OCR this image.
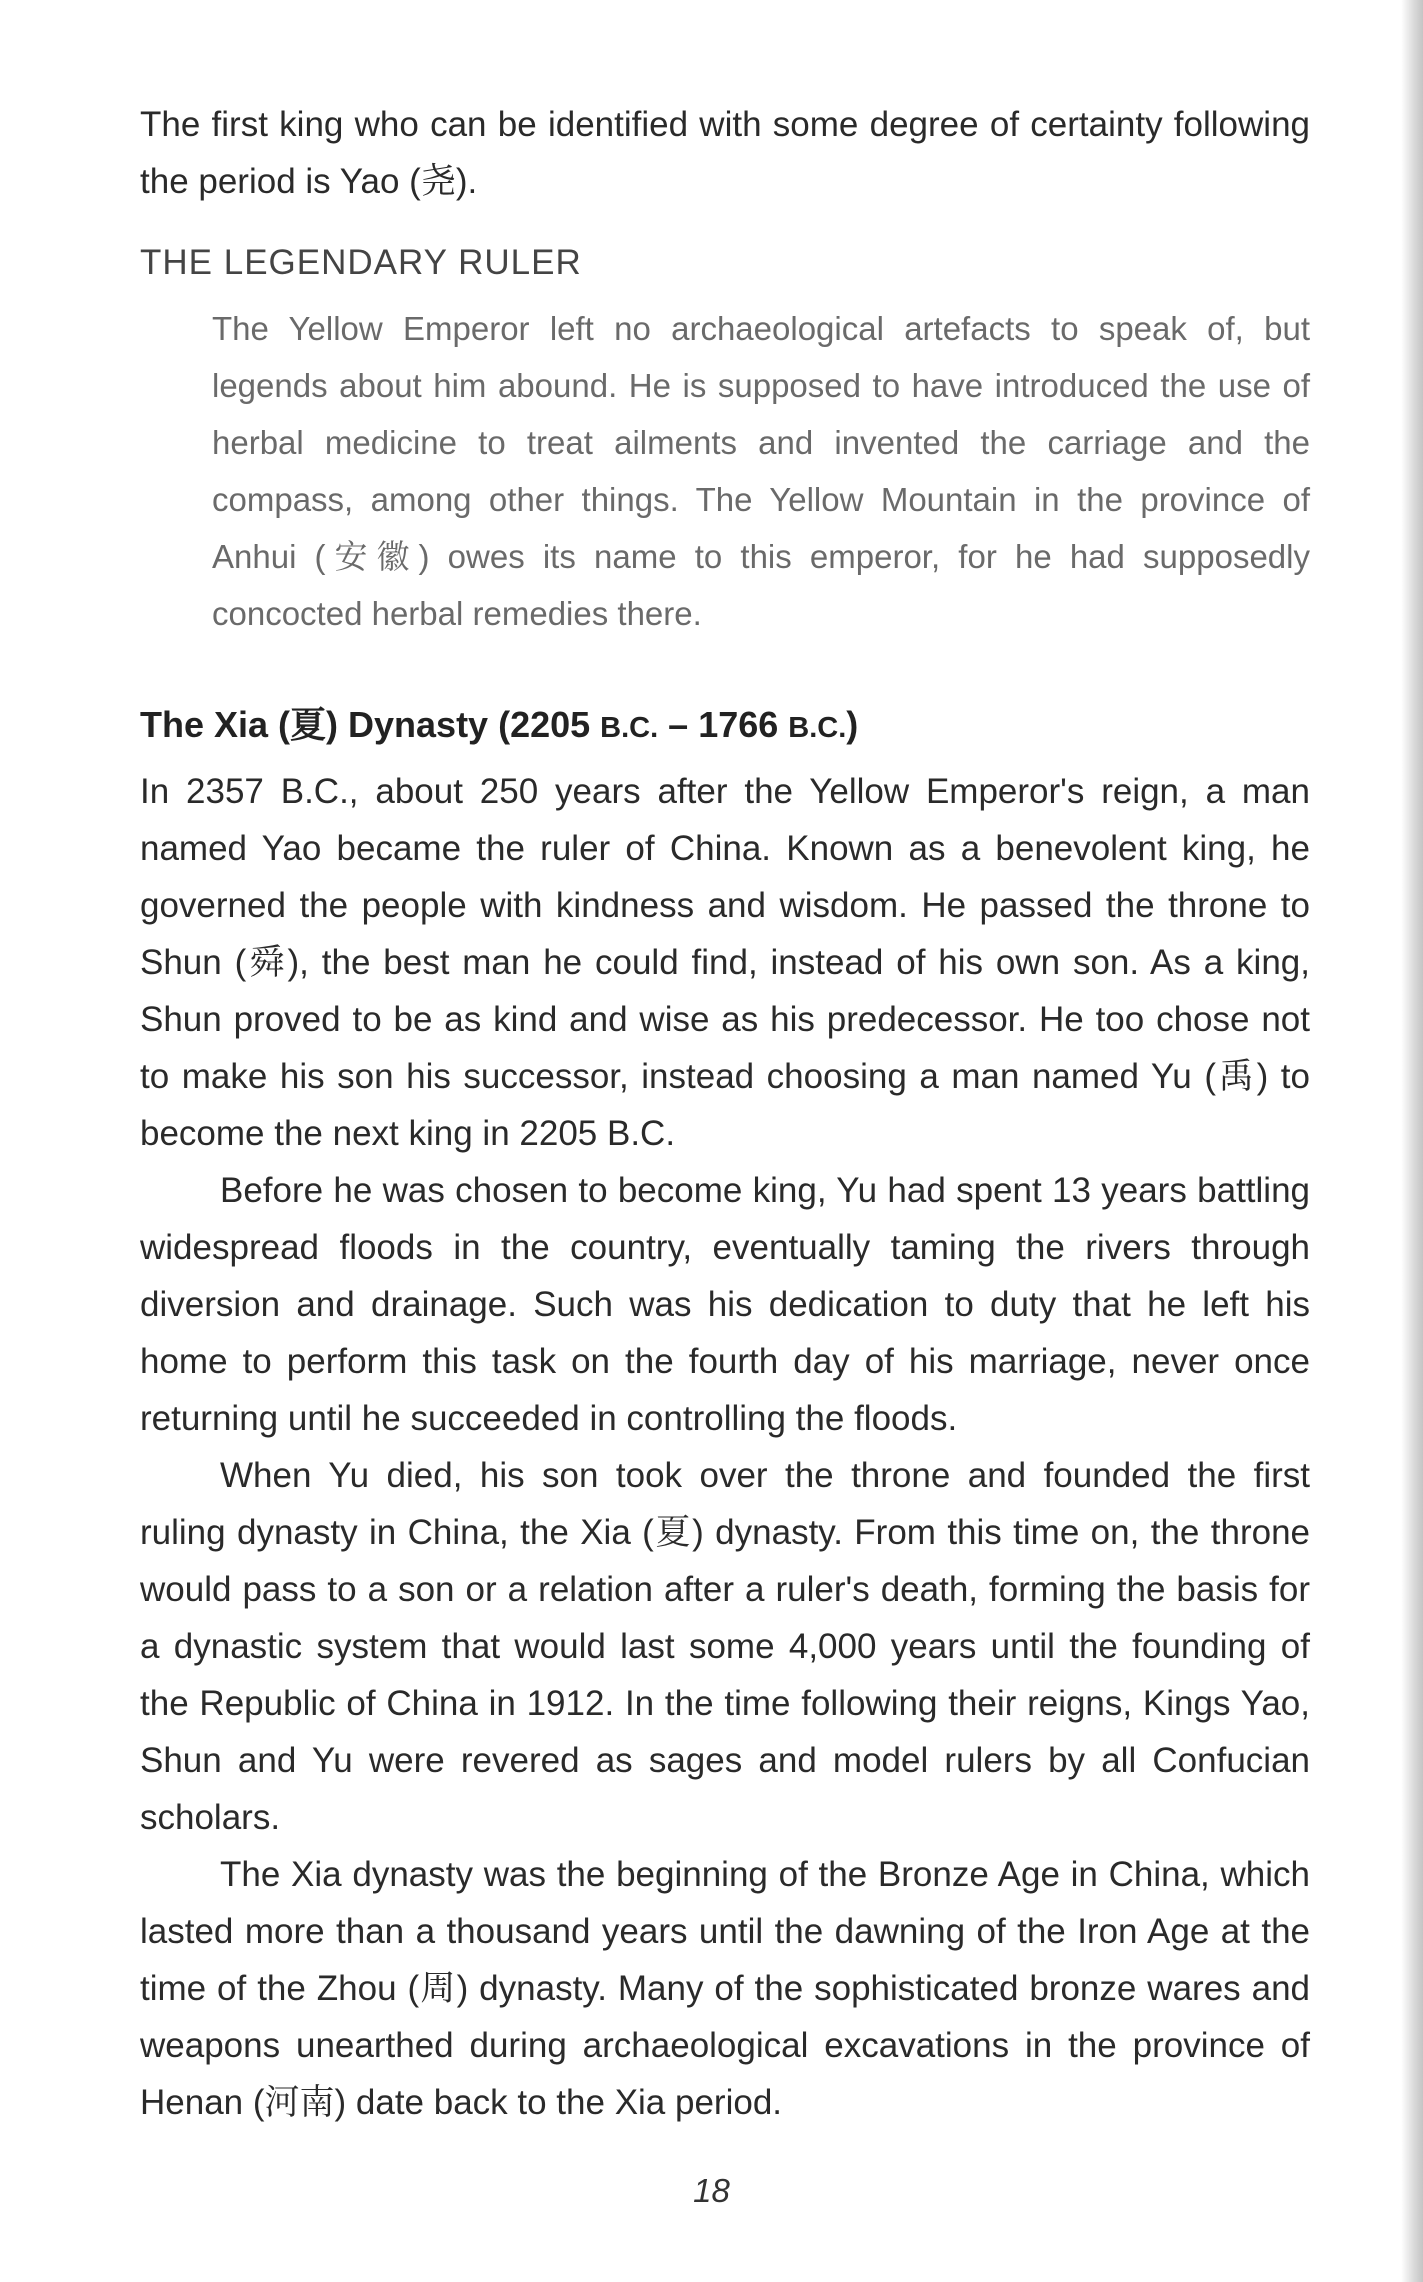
The first king who can be identified with some degree of certainty following the period is Yao (尧).

THE LEGENDARY RULER

The Yellow Emperor left no archaeological artefacts to speak of, but legends about him abound. He is supposed to have introduced the use of herbal medicine to treat ailments and invented the carriage and the compass, among other things. The Yellow Mountain in the province of Anhui (安徽) owes its name to this emperor, for he had supposedly concocted herbal remedies there.

The Xia (夏) Dynasty (2205 B.C. – 1766 B.C.)

In 2357 B.C., about 250 years after the Yellow Emperor's reign, a man named Yao became the ruler of China. Known as a benevolent king, he governed the people with kindness and wisdom. He passed the throne to Shun (舜), the best man he could find, instead of his own son. As a king, Shun proved to be as kind and wise as his predecessor. He too chose not to make his son his successor, instead choosing a man named Yu (禹) to become the next king in 2205 B.C.

Before he was chosen to become king, Yu had spent 13 years battling widespread floods in the country, eventually taming the rivers through diversion and drainage. Such was his dedication to duty that he left his home to perform this task on the fourth day of his marriage, never once returning until he succeeded in controlling the floods.

When Yu died, his son took over the throne and founded the first ruling dynasty in China, the Xia (夏) dynasty. From this time on, the throne would pass to a son or a relation after a ruler's death, forming the basis for a dynastic system that would last some 4,000 years until the founding of the Republic of China in 1912. In the time following their reigns, Kings Yao, Shun and Yu were revered as sages and model rulers by all Confucian scholars.

The Xia dynasty was the beginning of the Bronze Age in China, which lasted more than a thousand years until the dawning of the Iron Age at the time of the Zhou (周) dynasty. Many of the sophisticated bronze wares and weapons unearthed during archaeological excavations in the province of Henan (河南) date back to the Xia period.

18
